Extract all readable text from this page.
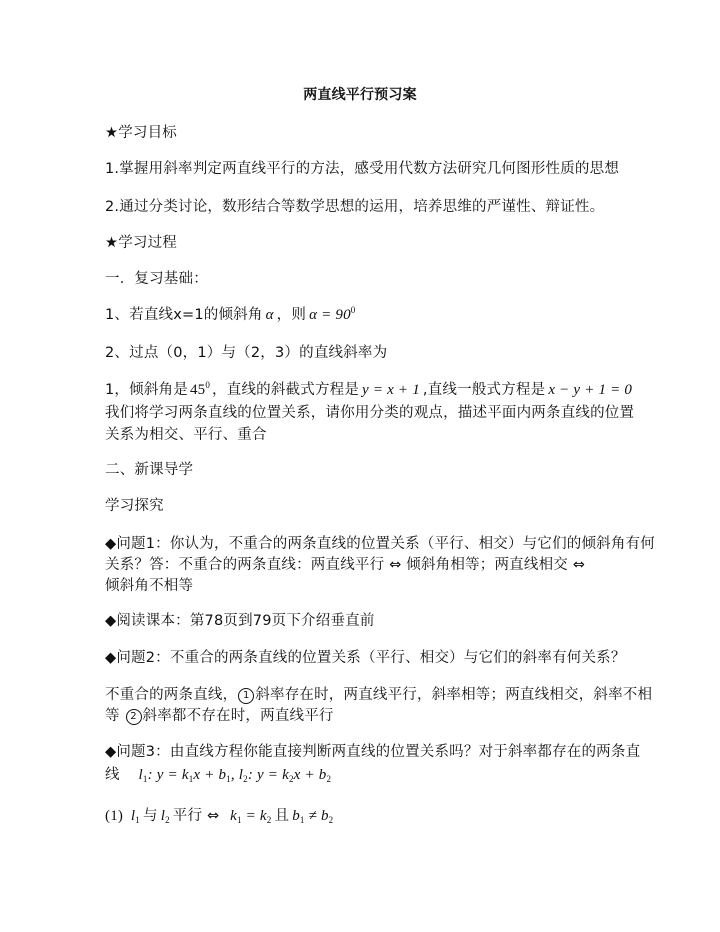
两直线平行预习案
★学习目标
1.掌握用斜率判定两直线平行的方法，感受用代数方法研究几何图形性质的思想
2.通过分类讨论，数形结合等数学思想的运用，培养思维的严谨性、辩证性。
★学习过程
一．复习基础：
1、若直线x=1的倾斜角 α ，则 $\alpha = 90^0$
2、过点（0，1）与（2，3）的直线斜率为
1，倾斜角是 $45^0$ ，直线的斜截式方程是 y = x + 1 ,直线一般式方程是 x − y + 1 = 0
我们将学习两条直线的位置关系，请你用分类的观点，描述平面内两条直线的位置
关系为相交、平行、重合
二、新课导学
学习探究
◆问题1：你认为，不重合的两条直线的位置关系（平行、相交）与它们的倾斜角有何
关系？答：不重合的两条直线：两直线平行 ⇔ 倾斜角相等；两直线相交 ⇔
倾斜角不相等
◆阅读课本：第78页到79页下介绍垂直前
◆问题2：不重合的两条直线的位置关系（平行、相交）与它们的斜率有何关系？
不重合的两条直线， 1 斜率存在时，两直线平行，斜率相等；两直线相交，斜率不相
等 2 斜率都不存在时，两直线平行
◆问题3：由直线方程你能直接判断两直线的位置关系吗？对于斜率都存在的两条直
线 $l_1$: $y = k_1x + b_1$, $l_2$: $y = k_2x + b_2$
(1) $l_1$ 与 $l_2$ 平行 ⇔ $k_1 = k_2$ 且 $b_1 \ne b_2$
